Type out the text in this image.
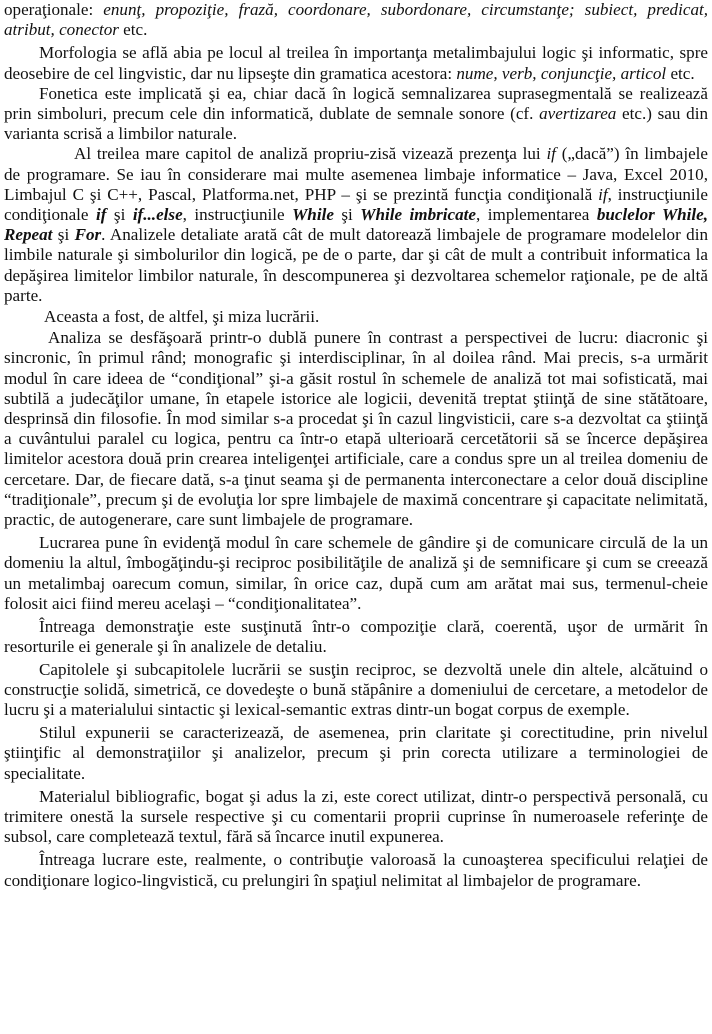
operaţionale: enunţ, propoziţie, frază, coordonare, subordonare, circumstanţe; subiect, predicat, atribut, conector etc.

Morfologia se află abia pe locul al treilea în importanţa metalimbajului logic şi informatic, spre deosebire de cel lingvistic, dar nu lipseşte din gramatica acestora: nume, verb, conjuncţie, articol etc.

Fonetica este implicată şi ea, chiar dacă în logică semnalizarea suprasegmentală se realizează prin simboluri, precum cele din informatică, dublate de semnale sonore (cf. avertizarea etc.) sau din varianta scrisă a limbilor naturale.

Al treilea mare capitol de analiză propriu-zisă vizează prezenţa lui if („dacă”) în limbajele de programare. Se iau în considerare mai multe asemenea limbaje informatice – Java, Excel 2010, Limbajul C şi C++, Pascal, Platforma.net, PHP – şi se prezintă funcţia condiţională if, instrucţiunile condiţionale if şi if...else, instrucţiunile While şi While imbricate, implementarea buclelor While, Repeat şi For. Analizele detaliate arată cât de mult datorează limbajele de programare modelelor din limbile naturale şi simbolurilor din logică, pe de o parte, dar şi cât de mult a contribuit informatica la depăşirea limitelor limbilor naturale, în descompunerea şi dezvoltarea schemelor raţionale, pe de altă parte.

Aceasta a fost, de altfel, şi miza lucrării.

Analiza se desfăşoară printr-o dublă punere în contrast a perspectivei de lucru: diacronic şi sincronic, în primul rând; monografic şi interdisciplinar, în al doilea rând. Mai precis, s-a urmărit modul în care ideea de “condiţional” şi-a găsit rostul în schemele de analiză tot mai sofisticată, mai subtilă a judecăţilor umane, în etapele istorice ale logicii, devenită treptat ştiinţă de sine stătătoare, desprinsă din filosofie. În mod similar s-a procedat şi în cazul lingvisticii, care s-a dezvoltat ca ştiinţă a cuvântului paralel cu logica, pentru ca într-o etapă ulterioară cercetătorii să se încerce depăşirea limitelor acestora două prin crearea inteligenţei artificiale, care a condus spre un al treilea domeniu de cercetare. Dar, de fiecare dată, s-a ţinut seama şi de permanenta interconectare a celor două discipline “tradiţionale”, precum şi de evoluţia lor spre limbajele de maximă concentrare şi capacitate nelimitată, practic, de autogenerare, care sunt limbajele de programare.

Lucrarea pune în evidenţă modul în care schemele de gândire şi de comunicare circulă de la un domeniu la altul, îmbogăţindu-şi reciproc posibilităţile de analiză şi de semnificare şi cum se creează un metalimbaj oarecum comun, similar, în orice caz, după cum am arătat mai sus, termenul-cheie folosit aici fiind mereu acelaşi – “condiţionalitatea”.

Întreaga demonstraţie este susţinută într-o compoziţie clară, coerentă, uşor de urmărit în resorturile ei generale şi în analizele de detaliu.

Capitolele şi subcapitolele lucrării se susţin reciproc, se dezvoltă unele din altele, alcătuind o construcţie solidă, simetrică, ce dovedeşte o bună stăpânire a domeniului de cercetare, a metodelor de lucru şi a materialului sintactic şi lexical-semantic extras dintr-un bogat corpus de exemple.

Stilul expunerii se caracterizează, de asemenea, prin claritate şi corectitudine, prin nivelul ştiinţific al demonstraţiilor şi analizelor, precum şi prin corecta utilizare a terminologiei de specialitate.

Materialul bibliografic, bogat şi adus la zi, este corect utilizat, dintr-o perspectivă personală, cu trimitere onestă la sursele respective şi cu comentarii proprii cuprinse în numeroasele referinţe de subsol, care completează textul, fără să încarce inutil expunerea.

Întreaga lucrare este, realmente, o contribuţie valoroasă la cunoaşterea specificului relaţiei de condiţionare logico-lingvistică, cu prelungiri în spaţiul nelimitat al limbajelor de programare.
